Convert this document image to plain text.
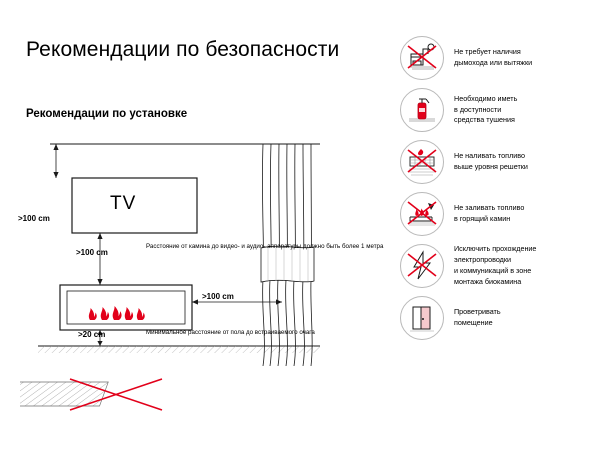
Рекомендации по безопасности
Рекомендации по установке
TV
>100 cm
>100 cm
>100 cm
>20 cm
Расстояние от камина до видео- и аудио- аппаратуры должно быть более 1 метра
Минимальное расстояние от пола до встраиваемого очага
Не требует наличия
дымохода или вытяжки
Необходимо иметь
в доступности
средства тушения
Не наливать топливо
выше уровня решетки
Не заливать топливо
в горящий камин
Исключить прохождение
электропроводки
и коммуникаций в зоне
монтажа биокамина
Проветривать
помещение
